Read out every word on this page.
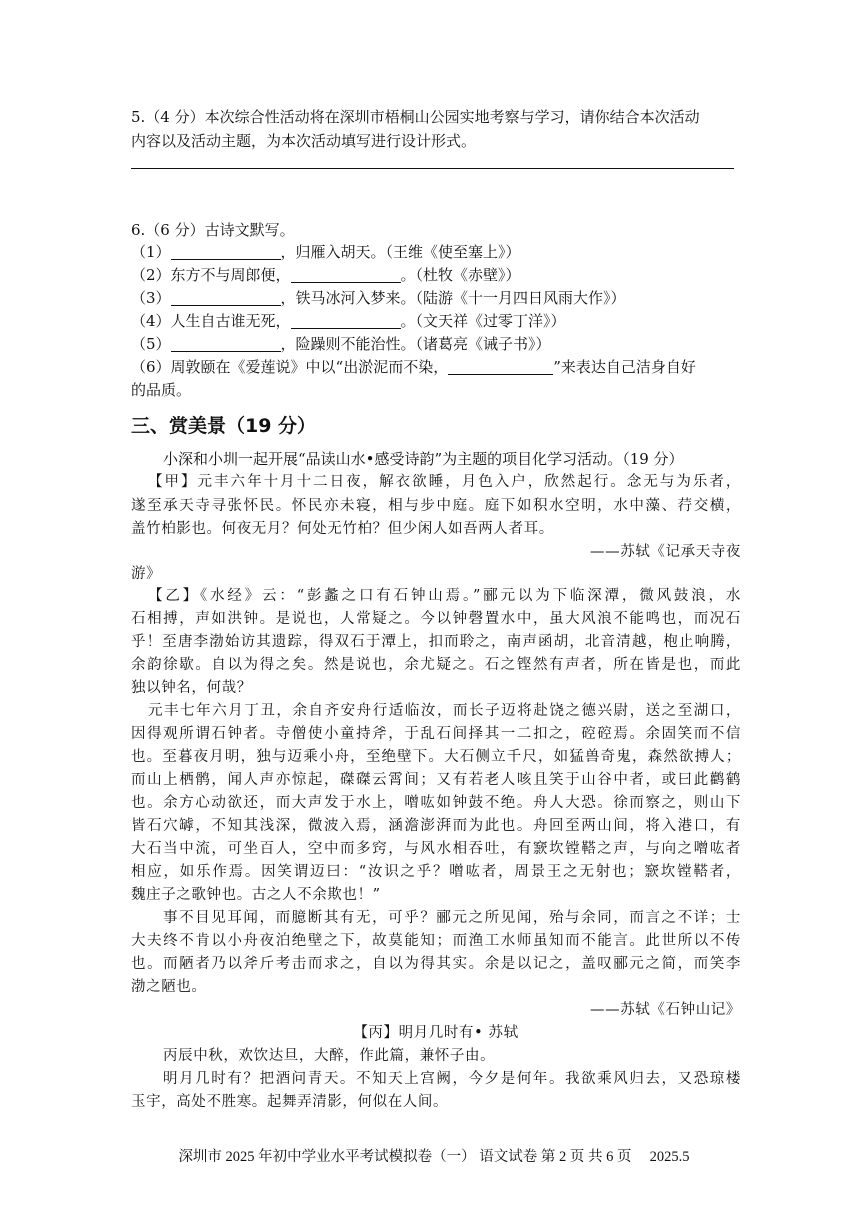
5.（4 分）本次综合性活动将在深圳市梧桐山公园实地考察与学习，请你结合本次活动
内容以及活动主题，为本次活动填写进行设计形式。
6.（6 分）古诗文默写。
（1）	，归雁入胡天。（王维《使至塞上》）
（2）东方不与周郎便，	。（杜牧《赤壁》）
（3）	，铁马冰河入梦来。（陆游《十一月四日风雨大作》）
（4）人生自古谁无死，	。（文天祥《过零丁洋》）
（5）	，险躁则不能治性。（诸葛亮《诫子书》）
（6）周敦颐在《爱莲说》中以“出淤泥而不染，	”来表达自己洁身自好
的品质。
三、赏美景（19 分）
小深和小圳一起开展“品读山水•感受诗韵”为主题的项目化学习活动。（19 分）
【甲】元丰六年十月十二日夜，解衣欲睡，月色入户，欣然起行。念无与为乐者，
遂至承天寺寻张怀民。怀民亦未寝，相与步中庭。庭下如积水空明，水中藻、荇交横，
盖竹柏影也。何夜无月？何处无竹柏？但少闲人如吾两人者耳。
——苏轼《记承天寺夜
游》
【乙】《水经》云：“彭蠡之口有石钟山焉。”郦元以为下临深潭，微风鼓浪，水
石相搏，声如洪钟。是说也，人常疑之。今以钟磬置水中，虽大风浪不能鸣也，而况石
乎！至唐李渤始访其遗踪，得双石于潭上，扣而聆之，南声函胡，北音清越，枹止响腾，
余韵徐歇。自以为得之矣。然是说也，余尤疑之。石之铿然有声者，所在皆是也，而此
独以钟名，何哉？
元丰七年六月丁丑，余自齐安舟行适临汝，而长子迈将赴饶之德兴尉，送之至湖口，
因得观所谓石钟者。寺僧使小童持斧，于乱石间择其一二扣之，硿硿焉。余固笑而不信
也。至暮夜月明，独与迈乘小舟，至绝壁下。大石侧立千尺，如猛兽奇鬼，森然欲搏人；
而山上栖鹘，闻人声亦惊起，磔磔云霄间；又有若老人咳且笑于山谷中者，或曰此鹳鹤
也。余方心动欲还，而大声发于水上，噌吰如钟鼓不绝。舟人大恐。徐而察之，则山下
皆石穴罅，不知其浅深，微波入焉，涵澹澎湃而为此也。舟回至两山间，将入港口，有
大石当中流，可坐百人，空中而多窍，与风水相吞吐，有窾坎镗鞳之声，与向之噌吰者
相应，如乐作焉。因笑谓迈曰：“汝识之乎？噌吰者，周景王之无射也；窾坎镗鞳者，
魏庄子之歌钟也。古之人不余欺也！”
事不目见耳闻，而臆断其有无，可乎？郦元之所见闻，殆与余同，而言之不详；士
大夫终不肯以小舟夜泊绝壁之下，故莫能知；而渔工水师虽知而不能言。此世所以不传
也。而陋者乃以斧斤考击而求之，自以为得其实。余是以记之，盖叹郦元之简，而笑李
渤之陋也。
——苏轼《石钟山记》
【丙】明月几时有• 苏轼
丙辰中秋，欢饮达旦，大醉，作此篇，兼怀子由。
明月几时有？把酒问青天。不知天上宫阙，今夕是何年。我欲乘风归去，又恐琼楼
玉宇，高处不胜寒。起舞弄清影，何似在人间。
深圳市 2025 年初中学业水平考试模拟卷（一） 语文试卷 第 2 页 共 6 页     2025.5
